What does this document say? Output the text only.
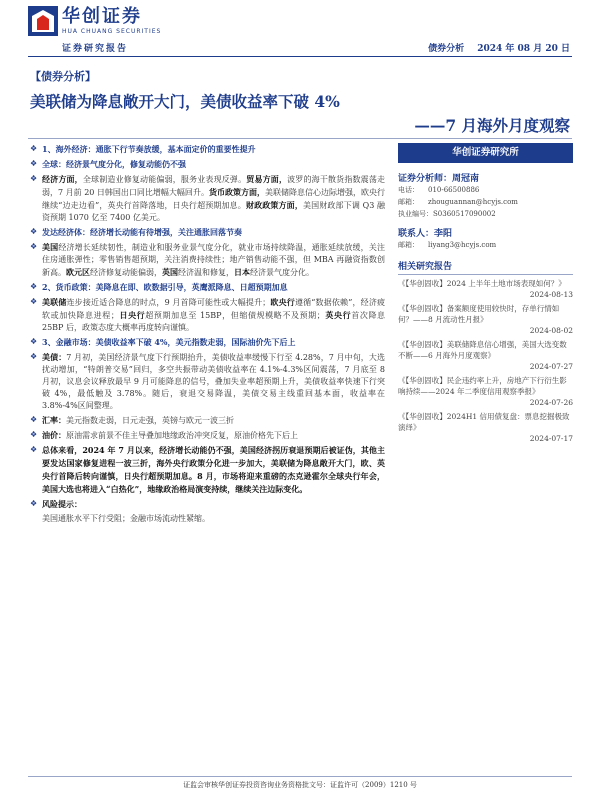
华创证券
HUA CHUANG SECURITIES
证券研究报告	债券分析 2024 年 08 月 20 日
【债券分析】
美联储为降息敞开大门，美债收益率下破 4%
——7 月海外月度观察

❖ 1、海外经济：通胀下行节奏放缓，基本面定价的重要性提升

❖ 全球：经济景气度分化，修复动能仍不强

❖ 经济方面，全球制造业修复动能偏弱，服务业表现反弹。贸易方面，波罗的海干散货指数震荡走弱，7 月前 20 日韩国出口同比增幅大幅回升。货币政策方面，美联储降息信心边际增强，欧央行继续“边走边看”，英央行首降落地，日央行超预期加息。财政政策方面，美国财政部下调 Q3 融资预期 1070 亿至 7400 亿美元。

❖ 发达经济体：经济增长动能有待增强，关注通胀回落节奏

❖ 美国经济增长延续韧性，制造业和服务业景气度分化，就业市场持续降温，通胀延续放缓，关注住房通胀弹性；零售销售超预期，关注消费持续性；地产销售动能不强，但 MBA 再融资指数创新高。欧元区经济修复动能偏弱，英国经济温和修复，日本经济景气度分化。

❖ 2、货币政策：美降息在即、欧数据引导，英鹰派降息、日超预期加息

❖ 美联储连步接近适合降息的时点，9 月首降可能性或大幅提升；欧央行遵循“数据依赖”，经济疲软或加快降息进程；日央行超预期加息至 15BP，但缩债规模略不及预期；英央行首次降息 25BP 后，政策态度大概率再度转向谨慎。

❖ 3、金融市场：美债收益率下破 4%，美元指数走弱，国际油价先下后上

❖ 美债：7 月初，美国经济景气度下行预期抬升，美债收益率缓慢下行至 4.28%，7 月中旬，大选扰动增加，“特朗普交易”回归，多空共振带动美债收益率在 4.1%-4.3%区间震荡，7 月底至 8 月初，议息会议释放最早 9 月可能降息的信号，叠加失业率超预期上升，美债收益率快速下行突破 4%，最低触及 3.78%。随后，衰退交易降温，美债交易主线重回基本面，收益率在 3.8%-4%区间整理。

❖ 汇率：美元指数走弱，日元走强，英镑与欧元一波三折

❖ 油价：原油需求前景不佳主导叠加地缘政治冲突反复，原油价格先下后上

❖ 总体来看，2024 年 7 月以来，经济增长动能仍不强，美国经济拐历衰退预期后被证伪，其他主要发达国家修复进程一波三折，海外央行政策分化进一步加大，美联储为降息敞开大门，欧、英央行首降后转向谨慎，日央行超预期加息。8 月，市场将迎来重磅的杰克逊霍尔全球央行年会，美国大选也将进入“白热化”，地缘政治格局演变持续，继续关注边际变化。

❖ 风险提示：

美国通胀水平下行受阻；金融市场流动性紧缩。

华创证券研究所
证券分析师：周冠南
电话： 010-66500886
邮箱： zhouguannan@hcyjs.com
执业编号：S0360517090002
联系人：李阳
邮箱： liyang3@hcyjs.com
相关研究报告
《【华创固收】2024 上半年土地市场表现如何？》
2024-08-13
《【华创固收】备案额度使用较快时，存单行情如何？——8 月流动性月报》
2024-08-02
《【华创固收】美联储降息信心增强，美国大选变数不断——6 月海外月度观察》
2024-07-27
《【华创固收】民企违约率上升，房地产下行衍生影响持续——2024 年二季度信用观察季报》
2024-07-26
《【华创固收】2024H1 信用债复盘：票息挖掘极致演绎》
2024-07-17
证监会审核华创证券投资咨询业务资格批文号：证监许可（2009）1210 号
